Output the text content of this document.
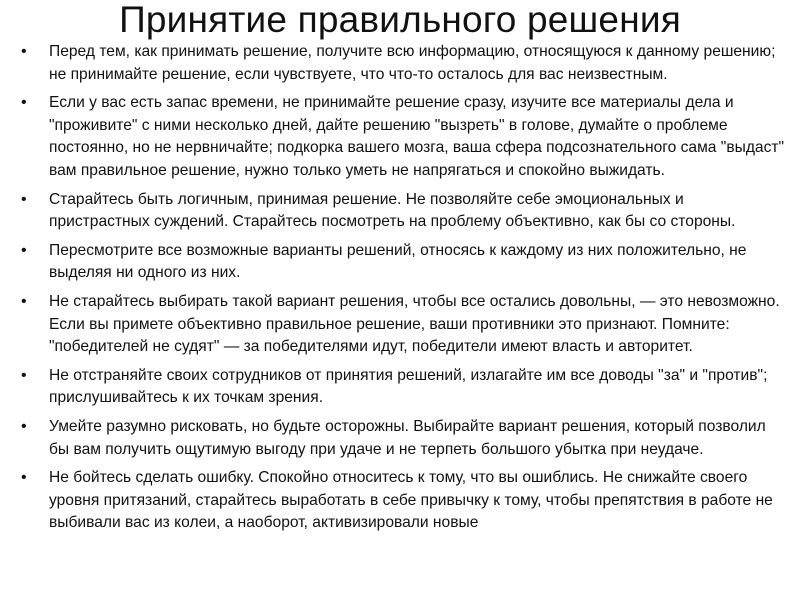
Принятие правильного решения
• Перед тем, как принимать решение, получите всю информацию, относящуюся к данному решению; не принимайте решение, если чувствуете, что что-то осталось для вас неизвестным.
• Если у вас есть запас времени, не принимайте решение сразу, изучите все материалы дела и "проживите" с ними несколько дней, дайте решению "вызреть" в голове, думайте о проблеме постоянно, но не нервничайте; подкорка вашего мозга, ваша сфера подсознательного сама "выдаст" вам правильное решение, нужно только уметь не напрягаться и спокойно выжидать.
• Старайтесь быть логичным, принимая решение. Не позволяйте себе эмоциональных и пристрастных суждений. Старайтесь посмотреть на проблему объективно, как бы со стороны.
• Пересмотрите все возможные варианты решений, относясь к каждому из них положительно, не выделяя ни одного из них.
• Не старайтесь выбирать такой вариант решения, чтобы все остались довольны, — это невозможно. Если вы примете объективно правильное решение, ваши противники это признают. Помните: "победителей не судят" — за победителями идут, победители имеют власть и авторитет.
• Не отстраняйте своих сотрудников от принятия решений, излагайте им все доводы "за" и "против"; прислушивайтесь к их точкам зрения.
• Умейте разумно рисковать, но будьте осторожны. Выбирайте вариант решения, который позволил бы вам получить ощутимую выгоду при удаче и не терпеть большого убытка при неудаче.
• Не бойтесь сделать ошибку. Спокойно относитесь к тому, что вы ошиблись. Не снижайте своего уровня притязаний, старайтесь выработать в себе привычку к тому, чтобы препятствия в работе не выбивали вас из колеи, а наоборот, активизировали новые
